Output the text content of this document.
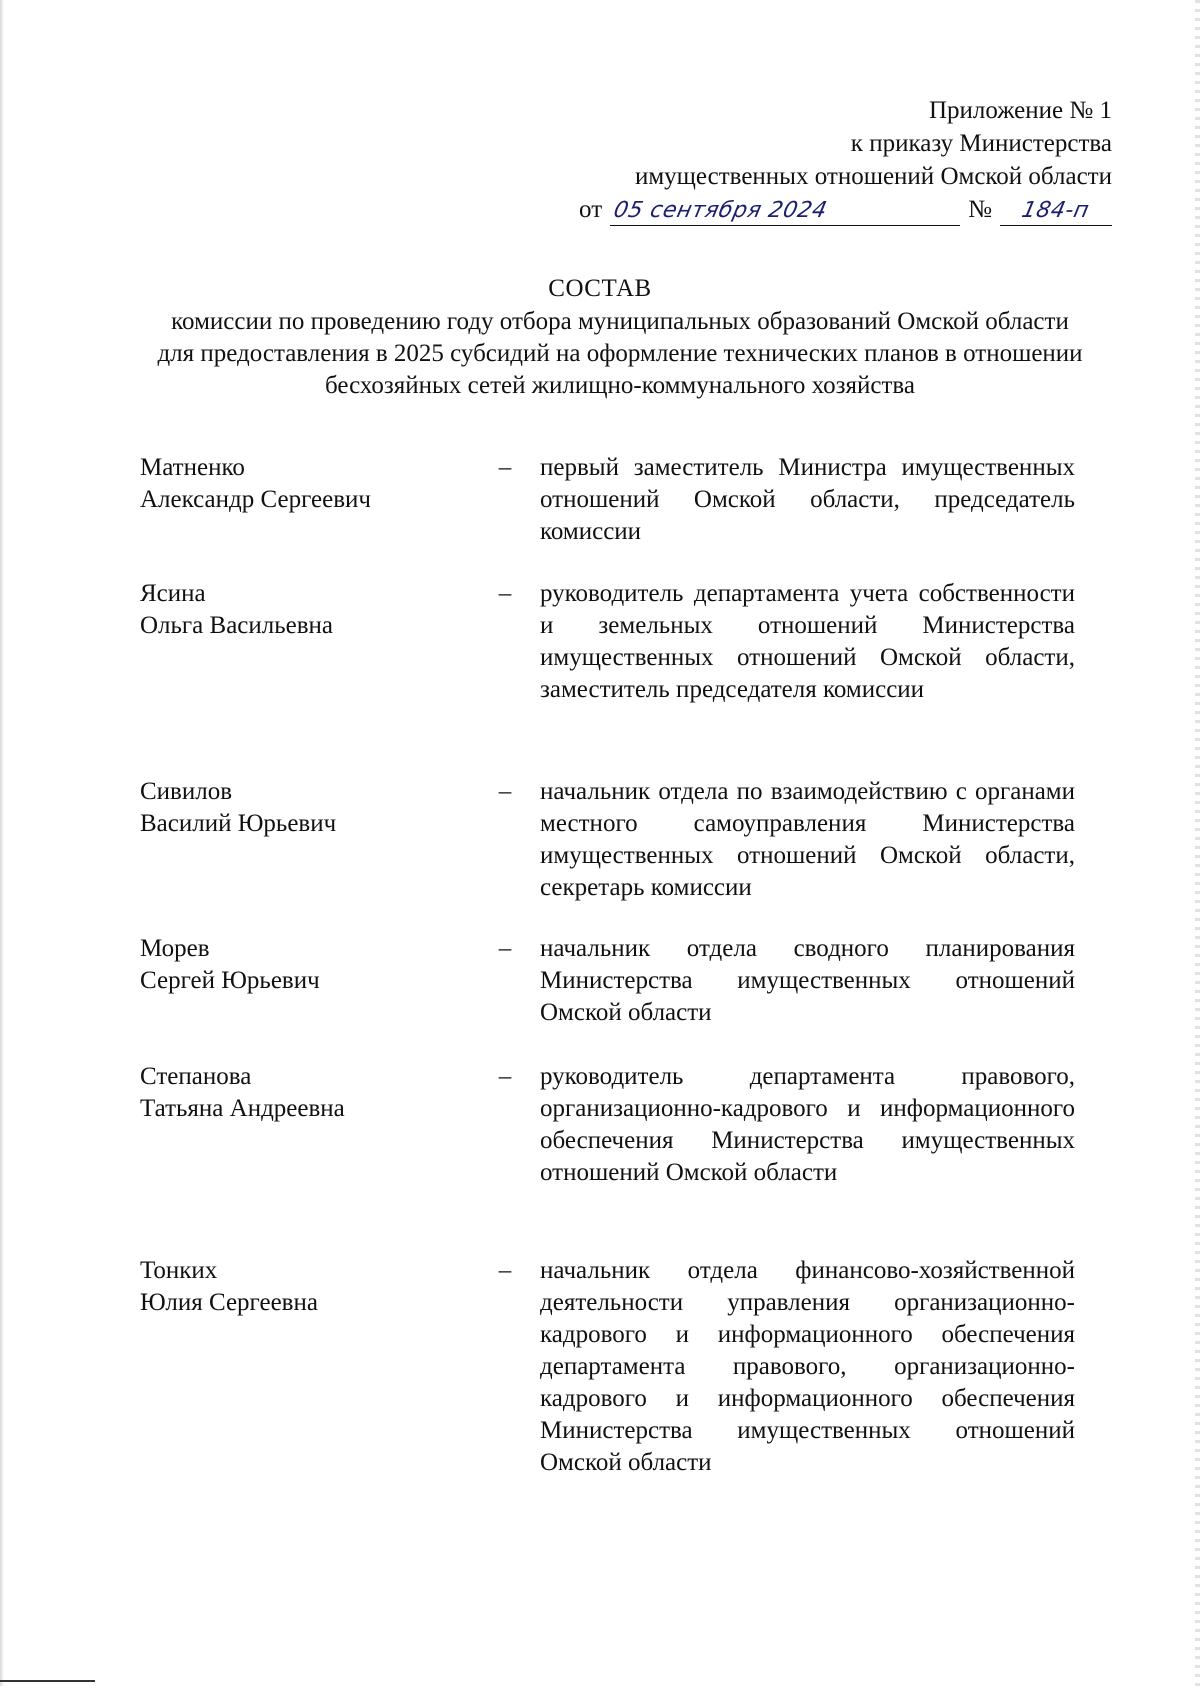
Приложение № 1
к приказу Министерства
имущественных отношений Омской области
от 05 сентября 2024	№	184-п
СОСТАВ
комиссии по проведению году отбора муниципальных образований Омской области для предоставления в 2025 субсидий на оформление технических планов в отношении бесхозяйных сетей жилищно-коммунального хозяйства
Матненко
Александр Сергеевич
–	первый заместитель Министра имущественных отношений Омской области, председатель комиссии
Ясина
Ольга Васильевна
–	руководитель департамента учета собственности и земельных отношений Министерства имущественных отношений Омской области, заместитель председателя комиссии
Сивилов
Василий Юрьевич
–	начальник отдела по взаимодействию с органами местного самоуправления Министерства имущественных отношений Омской области, секретарь комиссии
Морев
Сергей Юрьевич
–	начальник отдела сводного планирования Министерства имущественных отношений Омской области
Степанова
Татьяна Андреевна
–	руководитель департамента правового, организационно-кадрового и информационного обеспечения Министерства имущественных отношений Омской области
Тонких
Юлия Сергеевна
–	начальник отдела финансово-хозяйственной деятельности управления организационно-кадрового и информационного обеспечения департамента правового, организационно-кадрового и информационного обеспечения Министерства имущественных отношений Омской области
